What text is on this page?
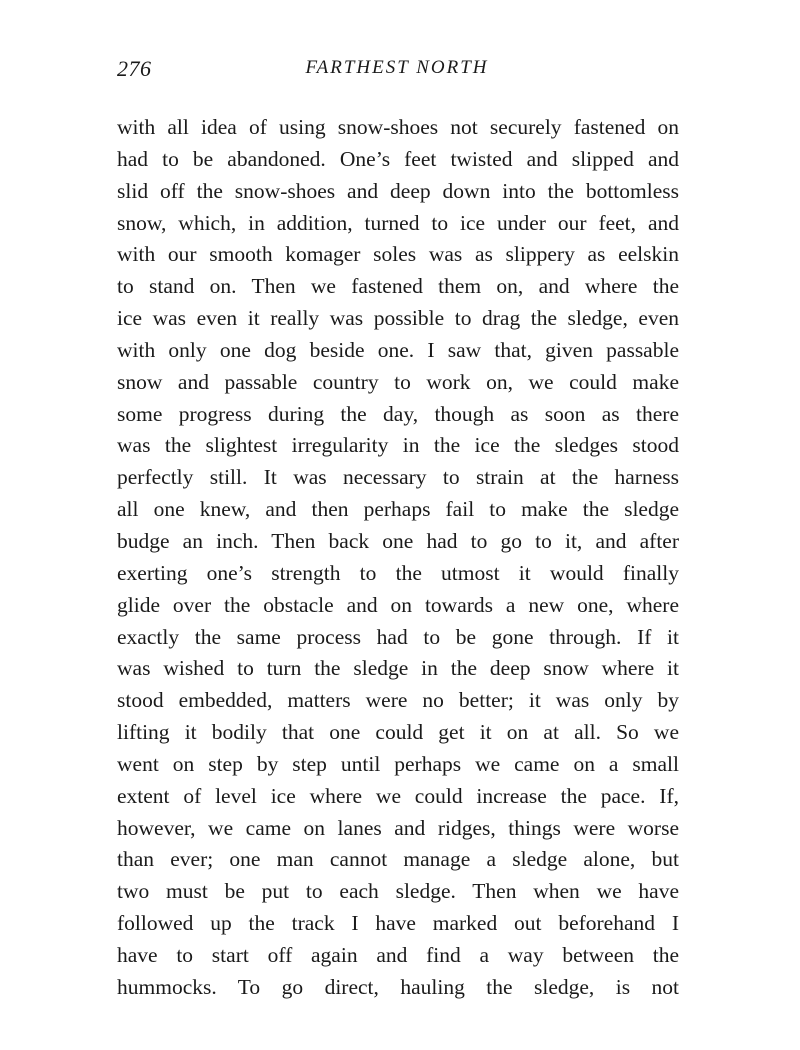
276	FARTHEST NORTH
with all idea of using snow-shoes not securely fastened on
had to be abandoned. One’s feet twisted and slipped and
slid off the snow-shoes and deep down into the bottomless
snow, which, in addition, turned to ice under our feet, and
with our smooth komager soles was as slippery as eelskin
to stand on. Then we fastened them on, and where the
ice was even it really was possible to drag the sledge, even
with only one dog beside one. I saw that, given passable
snow and passable country to work on, we could make
some progress during the day, though as soon as there
was the slightest irregularity in the ice the sledges stood
perfectly still. It was necessary to strain at the harness
all one knew, and then perhaps fail to make the sledge
budge an inch. Then back one had to go to it, and after
exerting one’s strength to the utmost it would finally
glide over the obstacle and on towards a new one, where
exactly the same process had to be gone through. If it
was wished to turn the sledge in the deep snow where it
stood embedded, matters were no better; it was only by
lifting it bodily that one could get it on at all. So we
went on step by step until perhaps we came on a small
extent of level ice where we could increase the pace. If,
however, we came on lanes and ridges, things were worse
than ever; one man cannot manage a sledge alone, but
two must be put to each sledge. Then when we have
followed up the track I have marked out beforehand I
have to start off again and find a way between the
hummocks. To go direct, hauling the sledge, is not
